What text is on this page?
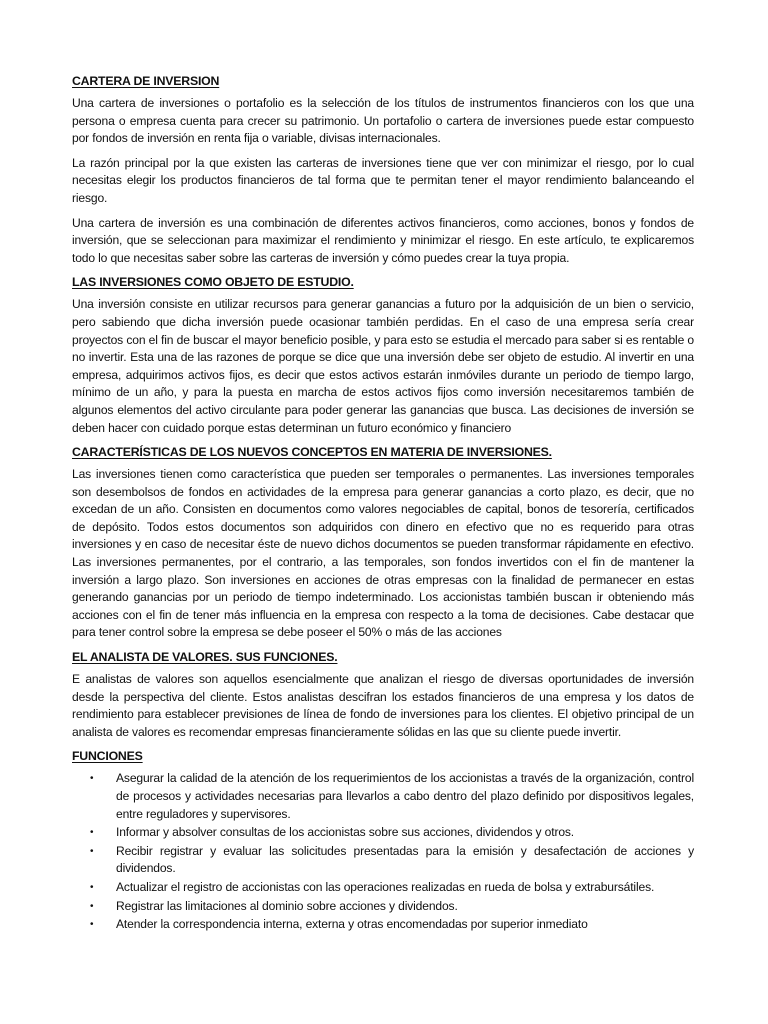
CARTERA DE INVERSION

Una cartera de inversiones o portafolio es la selección de los títulos de instrumentos financieros con los que una persona o empresa cuenta para crecer su patrimonio. Un portafolio o cartera de inversiones puede estar compuesto por fondos de inversión en renta fija o variable, divisas internacionales.

La razón principal por la que existen las carteras de inversiones tiene que ver con minimizar el riesgo, por lo cual necesitas elegir los productos financieros de tal forma que te permitan tener el mayor rendimiento balanceando el riesgo.

Una cartera de inversión es una combinación de diferentes activos financieros, como acciones, bonos y fondos de inversión, que se seleccionan para maximizar el rendimiento y minimizar el riesgo. En este artículo, te explicaremos todo lo que necesitas saber sobre las carteras de inversión y cómo puedes crear la tuya propia.

LAS INVERSIONES COMO OBJETO DE ESTUDIO.

Una inversión consiste en utilizar recursos para generar ganancias a futuro por la adquisición de un bien o servicio, pero sabiendo que dicha inversión puede ocasionar también perdidas. En el caso de una empresa sería crear proyectos con el fin de buscar el mayor beneficio posible, y para esto se estudia el mercado para saber si es rentable o no invertir. Esta una de las razones de porque se dice que una inversión debe ser objeto de estudio. Al invertir en una empresa, adquirimos activos fijos, es decir que estos activos estarán inmóviles durante un periodo de tiempo largo, mínimo de un año, y para la puesta en marcha de estos activos fijos como inversión necesitaremos también de algunos elementos del activo circulante para poder generar las ganancias que busca. Las decisiones de inversión se deben hacer con cuidado porque estas determinan un futuro económico y financiero

CARACTERÍSTICAS DE LOS NUEVOS CONCEPTOS EN MATERIA DE INVERSIONES.

Las inversiones tienen como característica que pueden ser temporales o permanentes. Las inversiones temporales son desembolsos de fondos en actividades de la empresa para generar ganancias a corto plazo, es decir, que no excedan de un año. Consisten en documentos como valores negociables de capital, bonos de tesorería, certificados de depósito. Todos estos documentos son adquiridos con dinero en efectivo que no es requerido para otras inversiones y en caso de necesitar éste de nuevo dichos documentos se pueden transformar rápidamente en efectivo. Las inversiones permanentes, por el contrario, a las temporales, son fondos invertidos con el fin de mantener la inversión a largo plazo. Son inversiones en acciones de otras empresas con la finalidad de permanecer en estas generando ganancias por un periodo de tiempo indeterminado. Los accionistas también buscan ir obteniendo más acciones con el fin de tener más influencia en la empresa con respecto a la toma de decisiones. Cabe destacar que para tener control sobre la empresa se debe poseer el 50% o más de las acciones

EL ANALISTA DE VALORES. SUS FUNCIONES.

E analistas de valores son aquellos esencialmente que analizan el riesgo de diversas oportunidades de inversión desde la perspectiva del cliente. Estos analistas descifran los estados financieros de una empresa y los datos de rendimiento para establecer previsiones de línea de fondo de inversiones para los clientes. El objetivo principal de un analista de valores es recomendar empresas financieramente sólidas en las que su cliente puede invertir.

FUNCIONES
• Asegurar la calidad de la atención de los requerimientos de los accionistas a través de la organización, control de procesos y actividades necesarias para llevarlos a cabo dentro del plazo definido por dispositivos legales, entre reguladores y supervisores.
• Informar y absolver consultas de los accionistas sobre sus acciones, dividendos y otros.
• Recibir registrar y evaluar las solicitudes presentadas para la emisión y desafectación de acciones y dividendos.
• Actualizar el registro de accionistas con las operaciones realizadas en rueda de bolsa y extrabursátiles.
• Registrar las limitaciones al dominio sobre acciones y dividendos.
• Atender la correspondencia interna, externa y otras encomendadas por superior inmediato
